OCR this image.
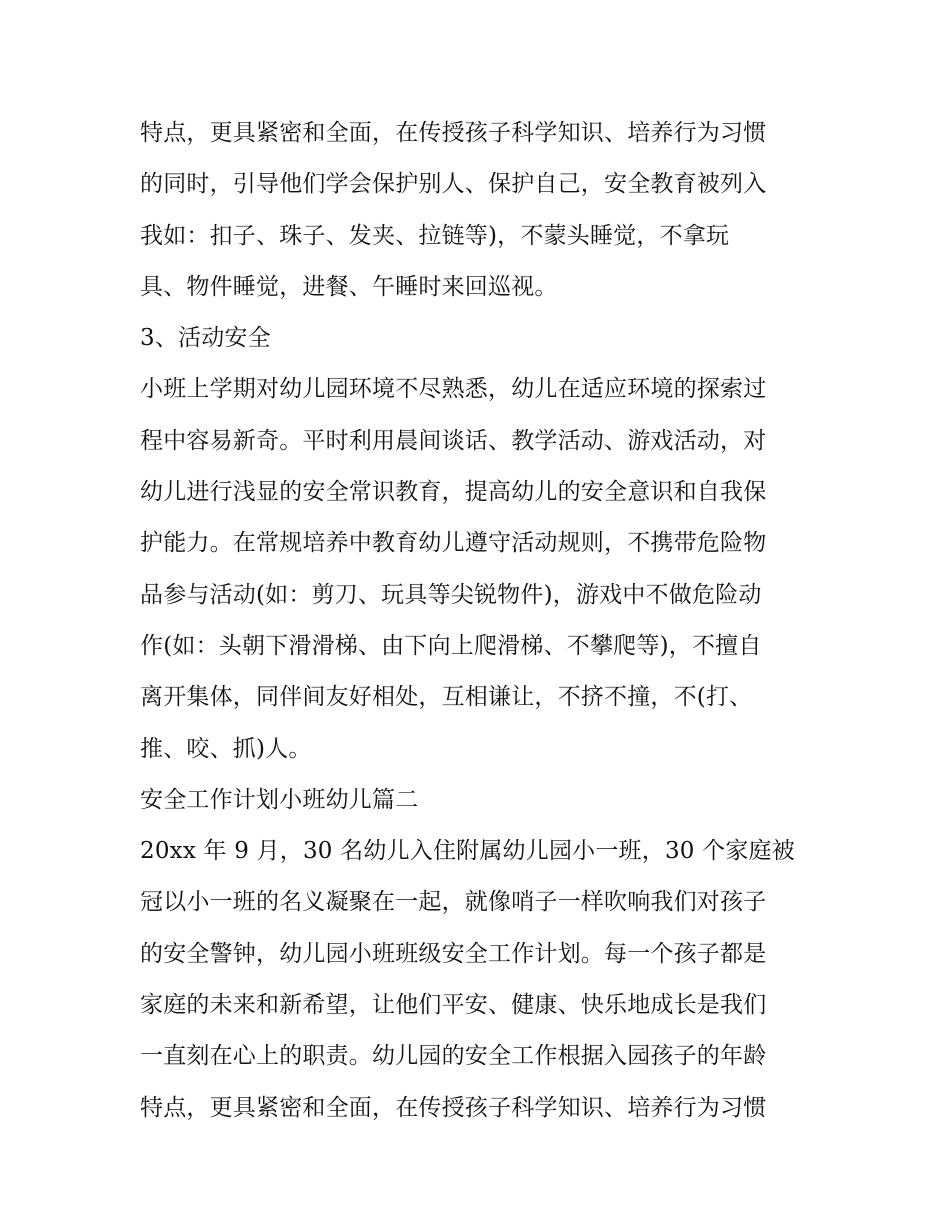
特点，更具紧密和全面，在传授孩子科学知识、培养行为习惯
的同时，引导他们学会保护别人、保护自己，安全教育被列入
我如：扣子、珠子、发夹、拉链等)，不蒙头睡觉，不拿玩
具、物件睡觉，进餐、午睡时来回巡视。
3、活动安全
小班上学期对幼儿园环境不尽熟悉，幼儿在适应环境的探索过
程中容易新奇。平时利用晨间谈话、教学活动、游戏活动，对
幼儿进行浅显的安全常识教育，提高幼儿的安全意识和自我保
护能力。在常规培养中教育幼儿遵守活动规则，不携带危险物
品参与活动(如：剪刀、玩具等尖锐物件)，游戏中不做危险动
作(如：头朝下滑滑梯、由下向上爬滑梯、不攀爬等)，不擅自
离开集体，同伴间友好相处，互相谦让，不挤不撞，不(打、
推、咬、抓)人。
安全工作计划小班幼儿篇二
20xx 年 9 月，30 名幼儿入住附属幼儿园小一班，30 个家庭被
冠以小一班的名义凝聚在一起，就像哨子一样吹响我们对孩子
的安全警钟，幼儿园小班班级安全工作计划。每一个孩子都是
家庭的未来和新希望，让他们平安、健康、快乐地成长是我们
一直刻在心上的职责。幼儿园的安全工作根据入园孩子的年龄
特点，更具紧密和全面，在传授孩子科学知识、培养行为习惯
